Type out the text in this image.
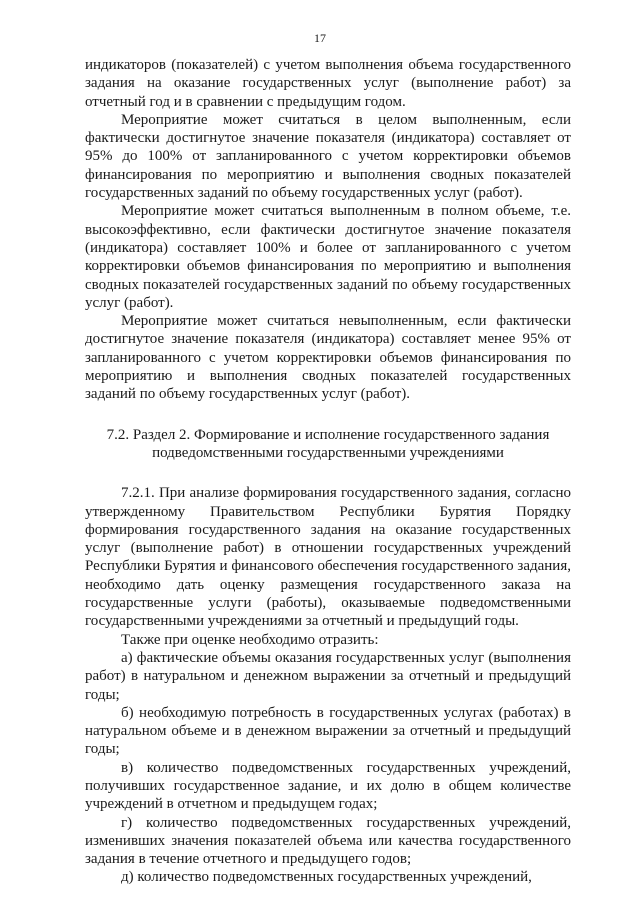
17

индикаторов (показателей) с учетом выполнения объема государственного задания на оказание государственных услуг (выполнение работ) за отчетный год и в сравнении с предыдущим годом.

Мероприятие может считаться в целом выполненным, если фактически достигнутое значение показателя (индикатора) составляет от 95% до 100% от запланированного с учетом корректировки объемов финансирования по мероприятию и выполнения сводных показателей государственных заданий по объему государственных услуг (работ).

Мероприятие может считаться выполненным в полном объеме, т.е. высокоэффективно, если фактически достигнутое значение показателя (индикатора) составляет 100% и более от запланированного с учетом корректировки объемов финансирования по мероприятию и выполнения сводных показателей государственных заданий по объему государственных услуг (работ).

Мероприятие может считаться невыполненным, если фактически достигнутое значение показателя (индикатора) составляет менее 95% от запланированного с учетом корректировки объемов финансирования по мероприятию и выполнения сводных показателей государственных заданий по объему государственных услуг (работ).

7.2. Раздел 2. Формирование и исполнение государственного задания подведомственными государственными учреждениями

7.2.1. При анализе формирования государственного задания, согласно утвержденному Правительством Республики Бурятия Порядку формирования государственного задания на оказание государственных услуг (выполнение работ) в отношении государственных учреждений Республики Бурятия и финансового обеспечения государственного задания, необходимо дать оценку размещения государственного заказа на государственные услуги (работы), оказываемые подведомственными государственными учреждениями за отчетный и предыдущий годы.

Также при оценке необходимо отразить:

а) фактические объемы оказания государственных услуг (выполнения работ) в натуральном и денежном выражении за отчетный и предыдущий годы;

б) необходимую потребность в государственных услугах (работах) в натуральном объеме и в денежном выражении за отчетный и предыдущий годы;

в) количество подведомственных государственных учреждений, получивших государственное задание, и их долю в общем количестве учреждений в отчетном и предыдущем годах;

г) количество подведомственных государственных учреждений, изменивших значения показателей объема или качества государственного задания в течение отчетного и предыдущего годов;

д) количество подведомственных государственных учреждений,
